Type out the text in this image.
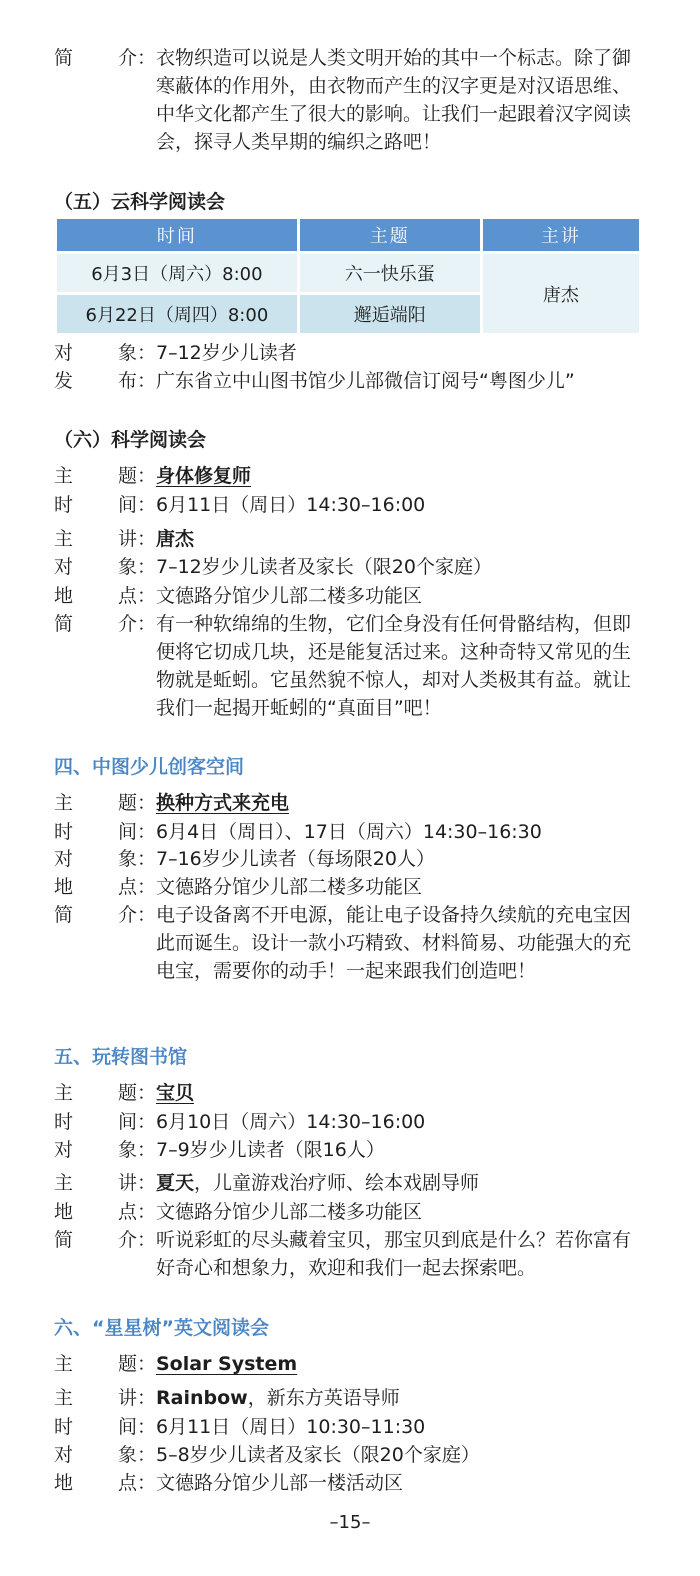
简 介 ：	衣物织造可以说是人类文明开始的其中一个标志。除了御寒蔽体的作用外，由衣物而产生的汉字更是对汉语思维、中华文化都产生了很大的影响。让我们一起跟着汉字阅读会，探寻人类早期的编织之路吧！
（五）云科学阅读会
时间	主题	主讲
6月3日（周六）8:00	六一快乐蛋	唐杰
6月22日（周四）8:00	邂逅端阳	
对 象 ：	7–12岁少儿读者
发 布 ：	广东省立中山图书馆少儿部微信订阅号“粤图少儿”
（六）科学阅读会
主 题 ：	身体修复师
时 间 ：	6月11日（周日）14:30–16:00
主 讲 ：	唐杰
对 象 ：	7–12岁少儿读者及家长（限20个家庭）
地 点 ：	文德路分馆少儿部二楼多功能区
简 介 ：	有一种软绵绵的生物，它们全身没有任何骨骼结构，但即便将它切成几块，还是能复活过来。这种奇特又常见的生物就是蚯蚓。它虽然貌不惊人，却对人类极其有益。就让我们一起揭开蚯蚓的“真面目”吧！
四、中图少儿创客空间
主 题 ：	换种方式来充电
时 间 ：	6月4日（周日）、17日（周六）14:30–16:30
对 象 ：	7–16岁少儿读者（每场限20人）
地 点 ：	文德路分馆少儿部二楼多功能区
简 介 ：	电子设备离不开电源，能让电子设备持久续航的充电宝因此而诞生。设计一款小巧精致、材料简易、功能强大的充电宝，需要你的动手！一起来跟我们创造吧！
五、玩转图书馆
主 题 ：	宝贝
时 间 ：	6月10日（周六）14:30–16:00
对 象 ：	7–9岁少儿读者（限16人）
主 讲 ：	夏天，儿童游戏治疗师、绘本戏剧导师
地 点 ：	文德路分馆少儿部二楼多功能区
简 介 ：	听说彩虹的尽头藏着宝贝，那宝贝到底是什么？若你富有好奇心和想象力，欢迎和我们一起去探索吧。
六、“星星树”英文阅读会
主 题 ：	Solar System
主 讲 ：	Rainbow，新东方英语导师
时 间 ：	6月11日（周日）10:30–11:30
对 象 ：	5–8岁少儿读者及家长（限20个家庭）
地 点 ：	文德路分馆少儿部一楼活动区
–15–
